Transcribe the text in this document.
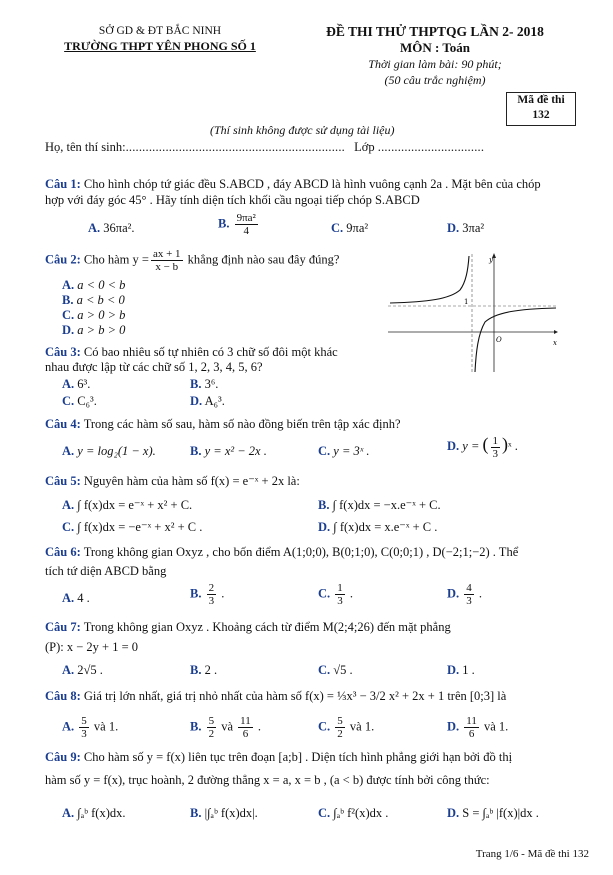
SỞ GD & ĐT BẮC NINH
TRƯỜNG THPT YÊN PHONG SỐ 1
ĐỀ THI THỬ THPTQG LẦN 2- 2018
MÔN : Toán
Thời gian làm bài: 90 phút;
(50 câu trắc nghiệm)
Mã đề thi
132
(Thí sinh không được sử dụng tài liệu)
Họ, tên thí sinh:.................................................................. Lớp ................................
Câu 1: Cho hình chóp tứ giác đều S.ABCD , đáy ABCD là hình vuông cạnh 2a . Mặt bên của chóp
hợp với đáy góc 45° . Hãy tính diện tích khối cầu ngoại tiếp chóp S.ABCD
A. 36πa².	B. $\frac{\text{9πa²}}{4}$	C. 9πa²	D. 3πa²
Câu 2: Cho hàm $y = \frac{ax + 1}{x - b}$ khẳng định nào sau đây đúng?
A. a < 0 < b
B. a < b < 0
C. a > 0 > b
D. a > b > 0
y
x
O
1
Câu 3: Có bao nhiêu số tự nhiên có 3 chữ số đôi một khác
nhau được lập từ các chữ số 1, 2, 3, 4, 5, 6?
A. 6³.	B. 3⁶.
C. C₆³.	D. A₆³.
Câu 4: Trong các hàm số sau, hàm số nào đồng biến trên tập xác định?
A. y = log₂(1 − x).	B. y = x² − 2x .	C. y = 3ˣ .	D. y = ( $\frac{1}{3}$ )ˣ .
Câu 5: Nguyên hàm của hàm số f(x) = e⁻ˣ + 2x là:
A. ∫ f(x)dx = e⁻ˣ + x² + C.	B. ∫ f(x)dx = −x.e⁻ˣ + C.
C. ∫ f(x)dx = −e⁻ˣ + x² + C .	D. ∫ f(x)dx = x.e⁻ˣ + C .
Câu 6: Trong không gian Oxyz , cho bốn điểm A(1;0;0), B(0;1;0), C(0;0;1) , D(−2;1;−2) . Thể
tích tứ diện ABCD bằng
A. 4 .	B. $\frac{2}{3}$ .	C. $\frac{1}{3}$ .	D. $\frac{4}{3}$ .
Câu 7: Trong không gian Oxyz . Khoảng cách từ điểm M(2;4;26) đến mặt phẳng
(P): x − 2y + 1 = 0
A. 2√5 .	B. 2 .	C. √5 .	D. 1 .
Câu 8: Giá trị lớn nhất, giá trị nhỏ nhất của hàm số f(x) = ⅓x³ − 3/2 x² + 2x + 1 trên [0;3] là
A. $\frac{5}{3}$ và 1.	B. $\frac{5}{2}$ và $\frac{11}{6}$ .	C. $\frac{5}{2}$ và 1.	D. $\frac{11}{6}$ và 1.
Câu 9: Cho hàm số y = f(x) liên tục trên đoạn [a;b] . Diện tích hình phẳng giới hạn bởi đồ thị
hàm số y = f(x), trục hoành, 2 đường thẳng x = a, x = b , (a < b) được tính bởi công thức:
A. ∫ₐᵇ f(x)dx.	B. |∫ₐᵇ f(x)dx|.	C. ∫ₐᵇ f²(x)dx .	D. S = ∫ₐᵇ |f(x)|dx .
Trang 1/6 - Mã đề thi 132
